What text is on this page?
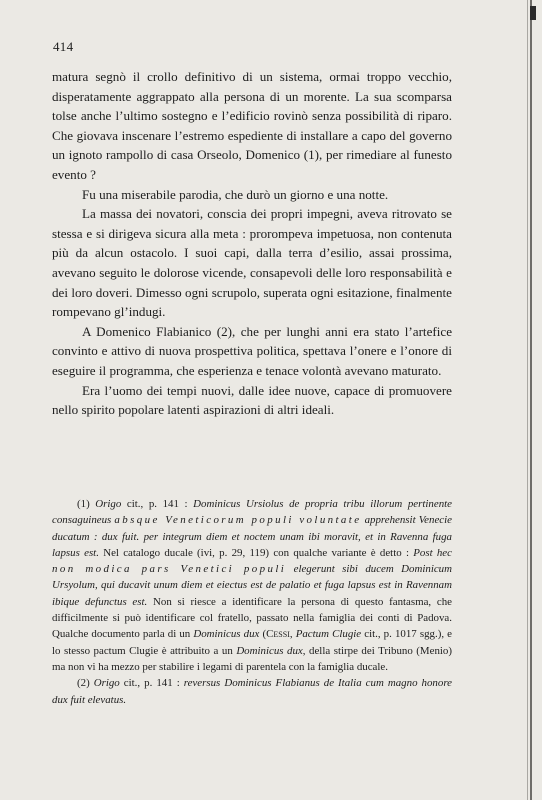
414

matura segnò il crollo definitivo di un sistema, ormai troppo vecchio, disperatamente aggrappato alla persona di un morente. La sua scomparsa tolse anche l’ultimo sostegno e l’edificio rovinò senza possibilità di riparo. Che giovava inscenare l’estremo espediente di installare a capo del governo un ignoto rampollo di casa Orseolo, Domenico (1), per rimediare al funesto evento ?

Fu una miserabile parodia, che durò un giorno e una notte.

La massa dei novatori, conscia dei propri impegni, aveva ritrovato se stessa e si dirigeva sicura alla meta : prorompeva impetuosa, non contenuta più da alcun ostacolo. I suoi capi, dalla terra d’esilio, assai prossima, avevano seguito le dolorose vicende, consapevoli delle loro responsabilità e dei loro doveri. Dimesso ogni scrupolo, superata ogni esitazione, finalmente rompevano gl’indugi.

A Domenico Flabianico (2), che per lunghi anni era stato l’artefice convinto e attivo di nuova prospettiva politica, spettava l’onere e l’onore di eseguire il programma, che esperienza e tenace volontà avevano maturato.

Era l’uomo dei tempi nuovi, dalle idee nuove, capace di promuovere nello spirito popolare latenti aspirazioni di altri ideali.

(1) Origo cit., p. 141 : Dominicus Ursiolus de propria tribu illorum pertinente consaguineus absque Veneticorum populi voluntate apprehensit Venecie ducatum : dux fuit. per integrum diem et noctem unam ibi moravit, et in Ravenna fuga lapsus est. Nel catalogo ducale (ivi, p. 29, 119) con qualche variante è detto : Post hec non modica pars Venetici populi elegerunt sibi ducem Dominicum Ursyolum, qui ducavit unum diem et eiectus est de palatio et fuga lapsus est in Ravennam ibique defunctus est. Non si riesce a identificare la persona di questo fantasma, che difficilmente si può identificare col fratello, passato nella famiglia dei conti di Padova. Qualche documento parla di un Dominicus dux (Cessi, Pactum Clugie cit., p. 1017 sgg.), e lo stesso pactum Clugie è attribuito a un Dominicus dux, della stirpe dei Tribuno (Menio) ma non vi ha mezzo per stabilire i legami di parentela con la famiglia ducale.

(2) Origo cit., p. 141 : reversus Dominicus Flabianus de Italia cum magno honore dux fuit elevatus.
